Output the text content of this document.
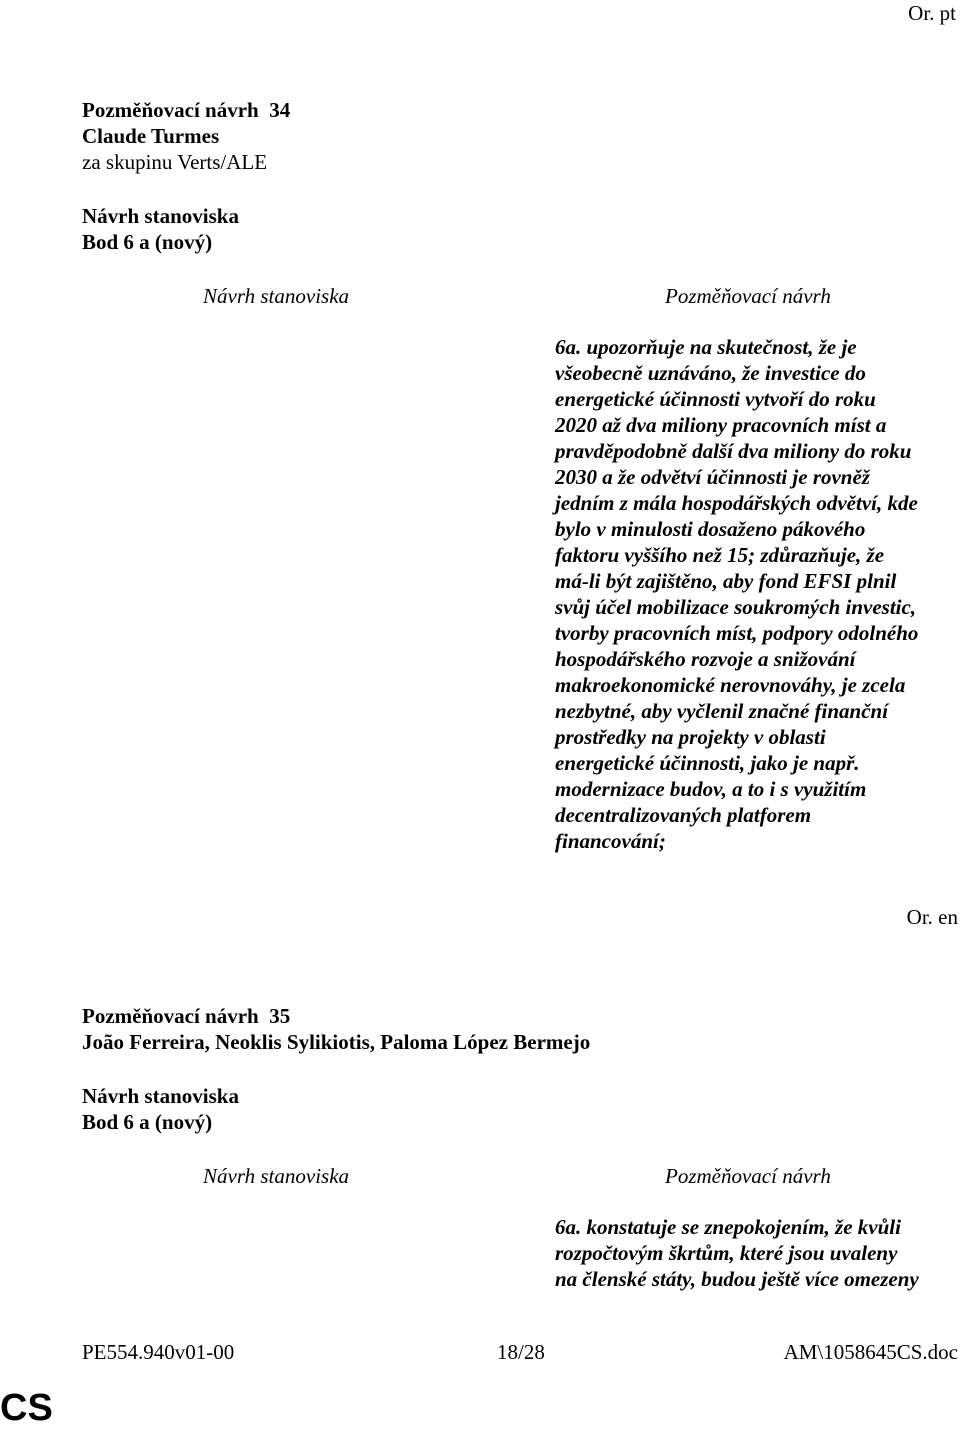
Or. pt
Pozměňovací návrh 34
Claude Turmes
za skupinu Verts/ALE
Návrh stanoviska
Bod 6 a (nový)
Návrh stanoviska	Pozměňovací návrh
6a. upozorňuje na skutečnost, že je
všeobecně uznáváno, že investice do
energetické účinnosti vytvoří do roku
2020 až dva miliony pracovních míst a
pravděpodobně další dva miliony do roku
2030 a že odvětví účinnosti je rovněž
jedním z mála hospodářských odvětví, kde
bylo v minulosti dosaženo pákového
faktoru vyššího než 15; zdůrazňuje, že
má-li být zajištěno, aby fond EFSI plnil
svůj účel mobilizace soukromých investic,
tvorby pracovních míst, podpory odolného
hospodářského rozvoje a snižování
makroekonomické nerovnováhy, je zcela
nezbytné, aby vyčlenil značné finanční
prostředky na projekty v oblasti
energetické účinnosti, jako je např.
modernizace budov, a to i s využitím
decentralizovaných platforem
financování;
Or. en
Pozměňovací návrh 35
João Ferreira, Neoklis Sylikiotis, Paloma López Bermejo
Návrh stanoviska
Bod 6 a (nový)
Návrh stanoviska	Pozměňovací návrh
6a. konstatuje se znepokojením, že kvůli
rozpočtovým škrtům, které jsou uvaleny
na členské státy, budou ještě více omezeny
PE554.940v01-00	18/28	AM\1058645CS.doc
CS
